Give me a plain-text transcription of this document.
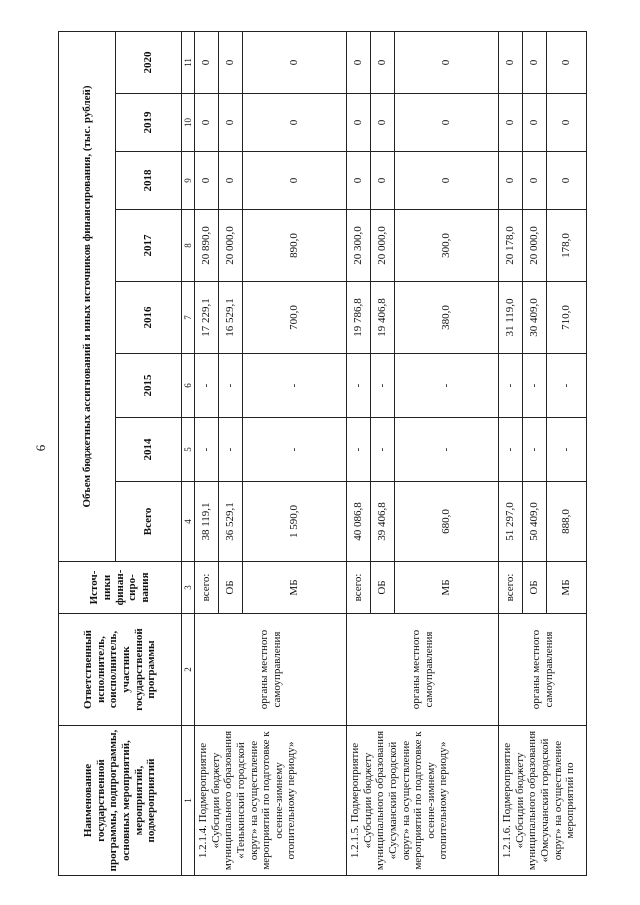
6
Наименование государственной программы, подпрограммы, основных мероприятий, мероприятий, подмероприятий	Ответственный исполнитель, соисполнитель, участник государственной программы	Источ-ники финан-сиро-вания	Объем бюджетных ассигнований и иных источников финансирования, (тыс. рублей)							
			Всего	2014	2015	2016	2017	2018	2019	2020
1	2	3	4	5	6	7	8	9	10	11
1.2.1.4. Подмероприятие «Субсидии бюджету муниципального образования «Тенькинский городской округ» на осуществление мероприятий по подготовке к осенне-зимнему отопительному периоду»	органы местного самоуправления	всего:	38 119,1	-	-	17 229,1	20 890,0	0	0	0
		ОБ	36 529,1	-	-	16 529,1	20 000,0	0	0	0
		МБ	1 590,0	-	-	700,0	890,0	0	0	0
1.2.1.5. Подмероприятие «Субсидии бюджету муниципального образования «Сусуманский городской округ» на осуществление мероприятий по подготовке к осенне-зимнему отопительному периоду»	органы местного самоуправления	всего:	40 086,8	-	-	19 786,8	20 300,0	0	0	0
		ОБ	39 406,8	-	-	19 406,8	20 000,0	0	0	0
		МБ	680,0	-	-	380,0	300,0	0	0	0
1.2.1.6. Подмероприятие «Субсидии бюджету муниципального образования «Омсукчанский городской округ» на осуществление мероприятий по	органы местного самоуправления	всего:	51 297,0	-	-	31 119,0	20 178,0	0	0	0
		ОБ	50 409,0	-	-	30 409,0	20 000,0	0	0	0
		МБ	888,0	-	-	710,0	178,0	0	0	0
